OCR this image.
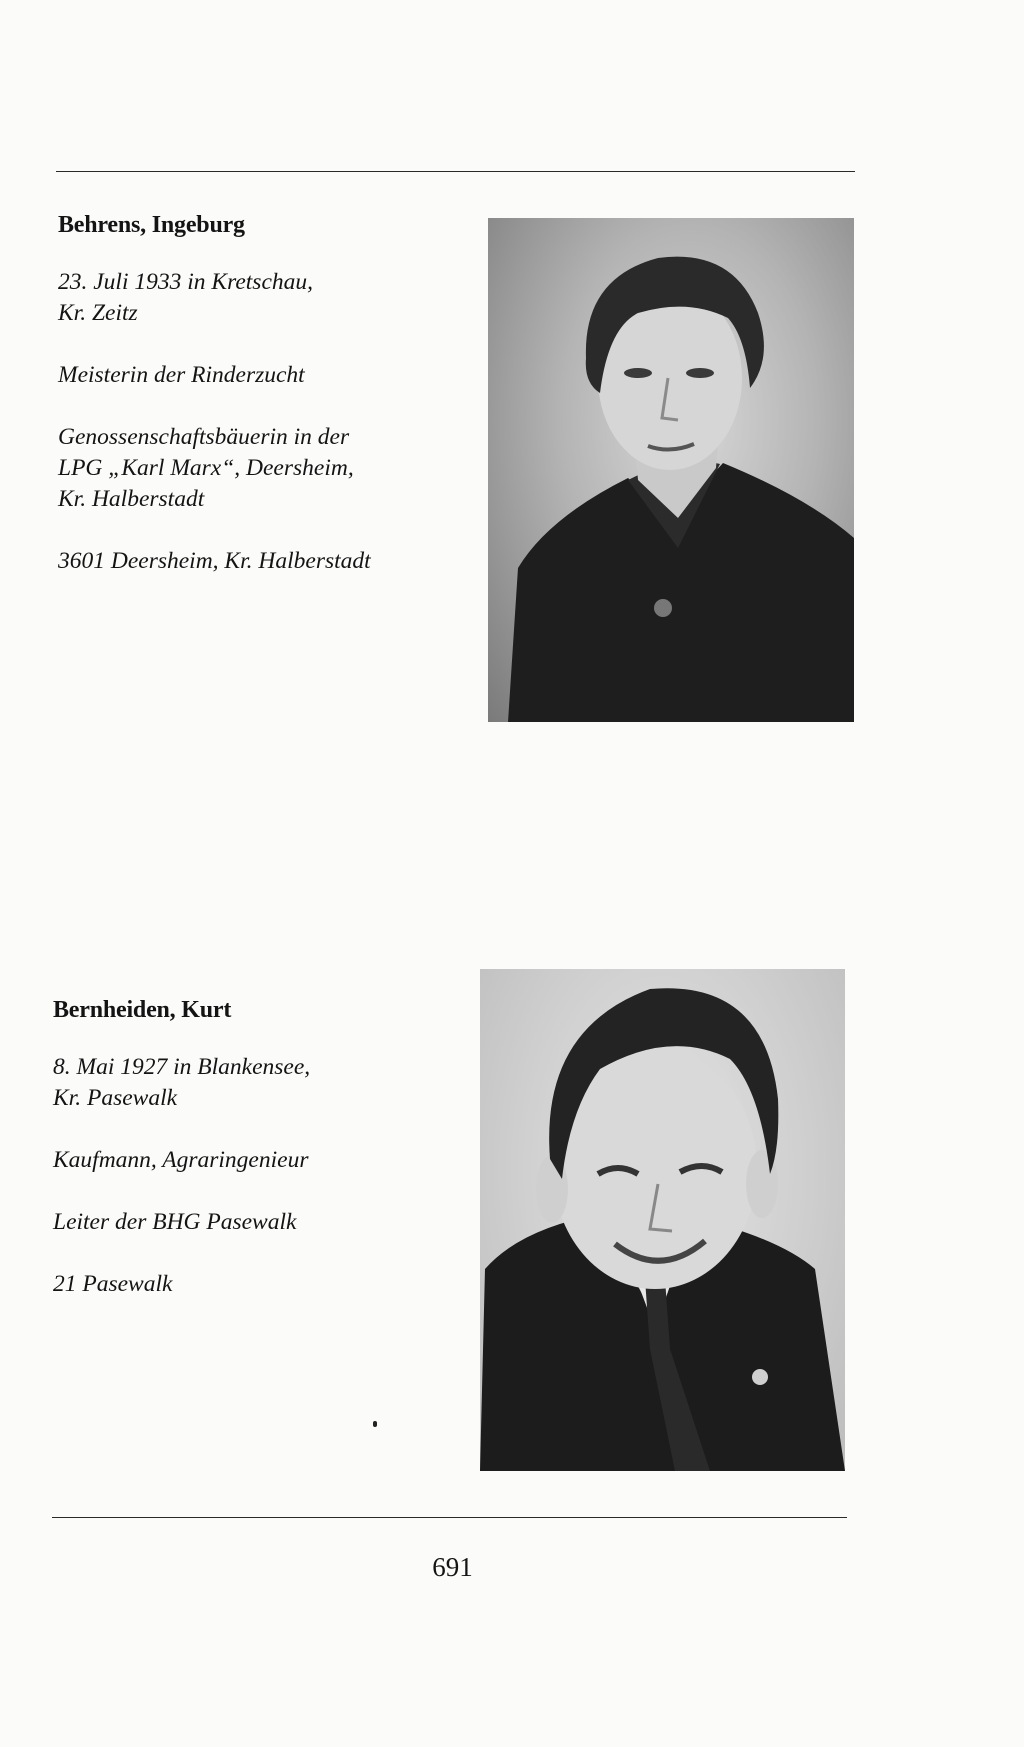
Behrens, Ingeburg

23. Juli 1933 in Kretschau,
Kr. Zeitz

Meisterin der Rinderzucht

Genossenschaftsbäuerin in der
LPG „Karl Marx“, Deersheim,
Kr. Halberstadt

3601 Deersheim, Kr. Halberstadt

Bernheiden, Kurt

8. Mai 1927 in Blankensee,
Kr. Pasewalk

Kaufmann, Agraringenieur

Leiter der BHG Pasewalk

21 Pasewalk

691
